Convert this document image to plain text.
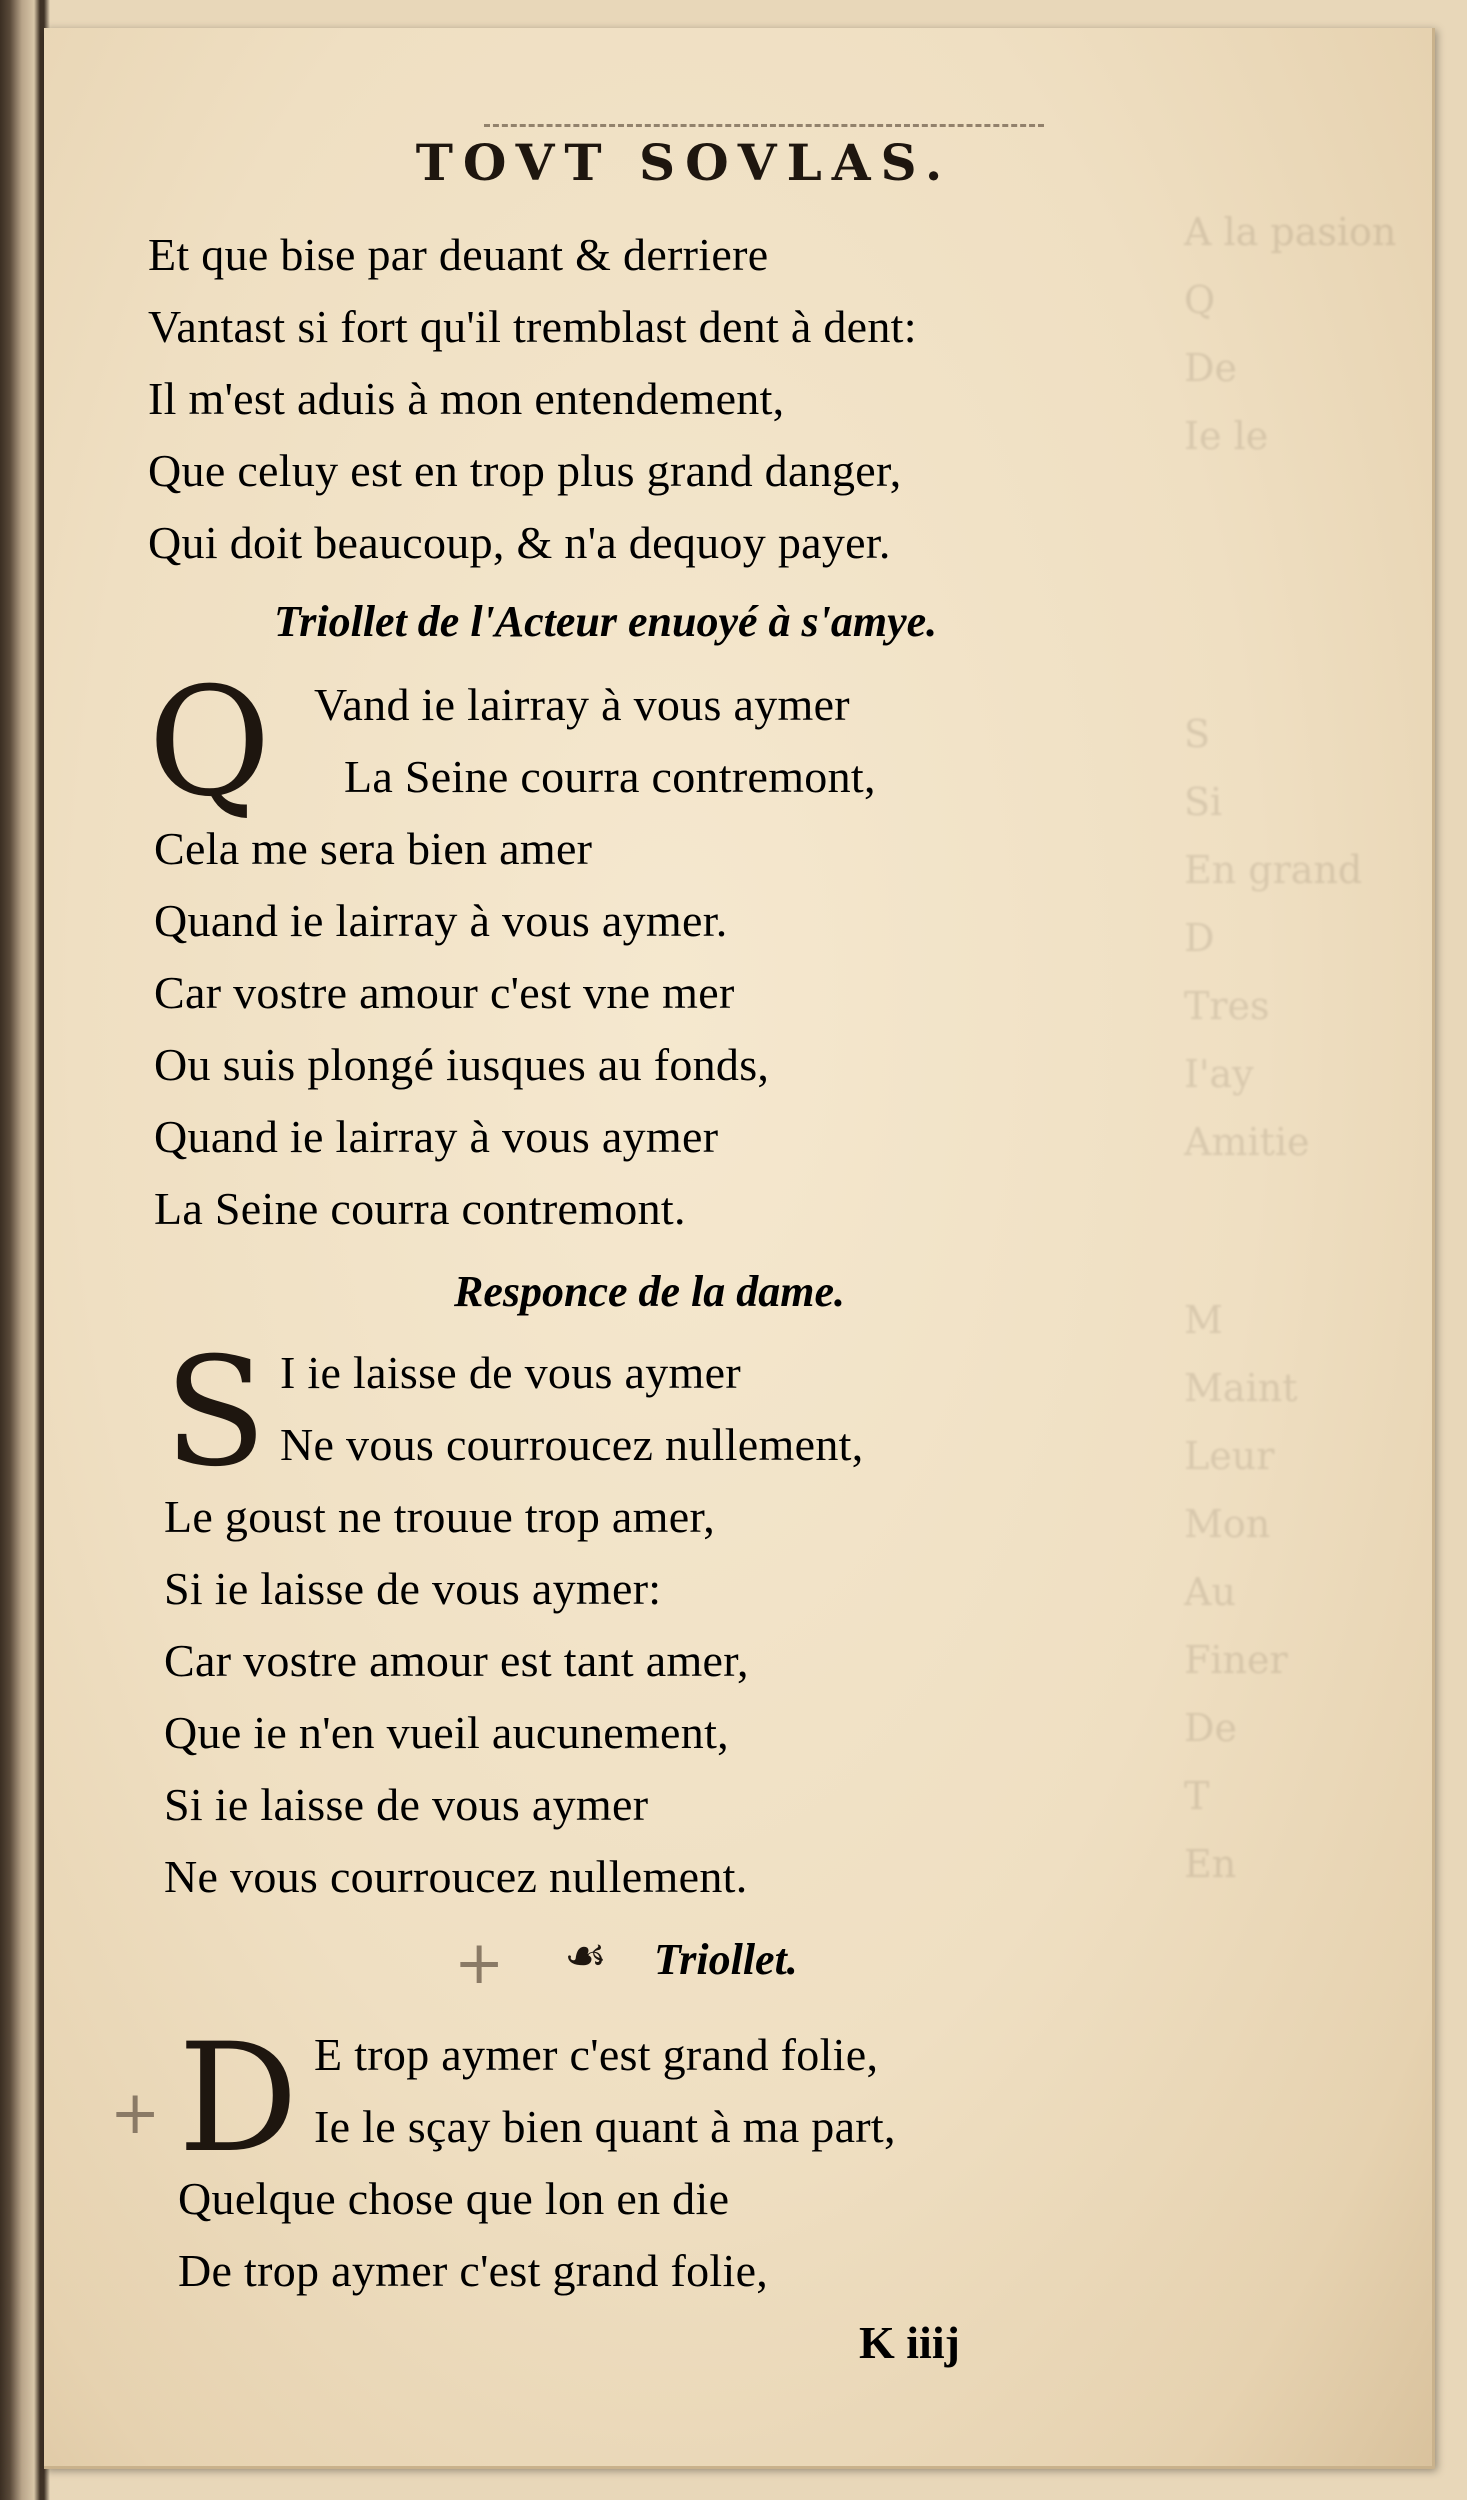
A la pasion
Q
De
Ie le
S
Si
En grand
D
Tres
I'ay
Amitie
M
Maint
Leur
Mon
Au
Finer
De
T
En
TOVT SOVLAS.
Et que bise par deuant & derriere
Vantast si fort qu'il tremblast dent à dent:
Il m'est aduis à mon entendement,
Que celuy est en trop plus grand danger,
Qui doit beaucoup, & n'a dequoy payer.
Triollet de l'Acteur enuoyé à s'amye.
Q Vand ie lairray à vous aymer
La Seine courra contremont,
Cela me sera bien amer
Quand ie lairray à vous aymer.
Car vostre amour c'est vne mer
Ou suis plongé iusques au fonds,
Quand ie lairray à vous aymer
La Seine courra contremont.
Responce de la dame.
S I ie laisse de vous aymer
Ne vous courroucez nullement,
Le goust ne trouue trop amer,
Si ie laisse de vous aymer:
Car vostre amour est tant amer,
Que ie n'en vueil aucunement,
Si ie laisse de vous aymer
Ne vous courroucez nullement.
+ ☙ Triollet.
+ D E trop aymer c'est grand folie,
Ie le sçay bien quant à ma part,
Quelque chose que lon en die
De trop aymer c'est grand folie,
K iiij
